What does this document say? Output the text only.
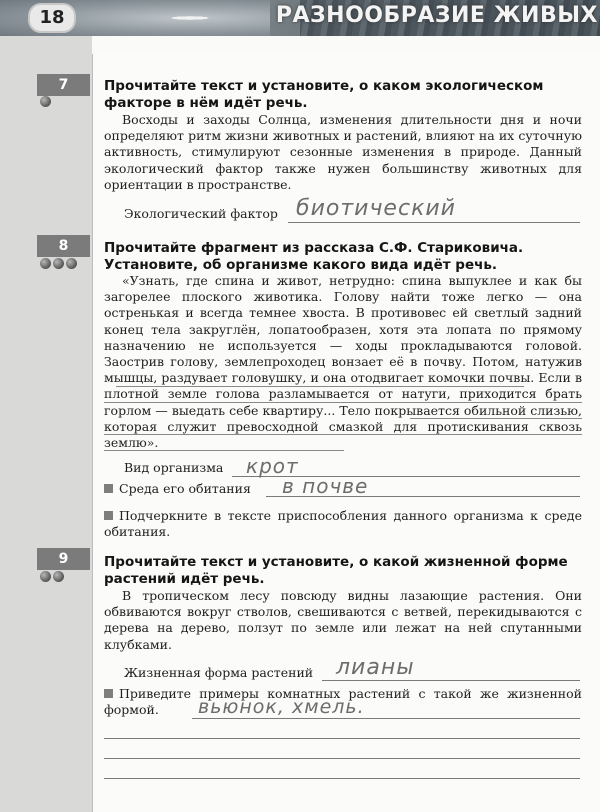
18	РАЗНООБРАЗИЕ ЖИВЫХ
7	Прочитайте текст и установите, о каком экологическом факторе в нём идёт речь.
Восходы и заходы Солнца, изменения длительности дня и ночи определяют ритм жизни животных и растений, влияют на их суточную активность, стимулируют сезонные изменения в природе. Данный экологический фактор также нужен большинству животных для ориентации в пространстве.
Экологический фактор биотический
8	Прочитайте фрагмент из рассказа С.Ф. Стариковича.
Установите, об организме какого вида идёт речь.
«Узнать, где спина и живот, нетрудно: спина выпуклее и как бы загорелее плоского животика. Голову найти тоже легко — она остренькая и всегда темнее хвоста. В противовес ей светлый задний конец тела закруглён, лопатообразен, хотя эта лопата по прямому назначению не используется — ходы прокладываются головой. Заострив голову, землепроходец вонзает её в почву. Потом, натужив мышцы, раздувает головушку, и она отодвигает комочки почвы. Если в плотной земле голова разламывается от натуги, приходится брать горлом — выедать себе квартиру... Тело покрывается обильной слизью, которая служит превосходной смазкой для протискивания сквозь землю».
Вид организма крот
Среда его обитания в почве
Подчеркните в тексте приспособления данного организма к среде обитания.
9	Прочитайте текст и установите, о какой жизненной форме растений идёт речь.
В тропическом лесу повсюду видны лазающие растения. Они обвиваются вокруг стволов, свешиваются с ветвей, перекидываются с дерева на дерево, ползут по земле или лежат на ней спутанными клубками.
Жизненная форма растений лианы
Приведите примеры комнатных растений с такой же жизненной формой.	вьюнок, хмель.
